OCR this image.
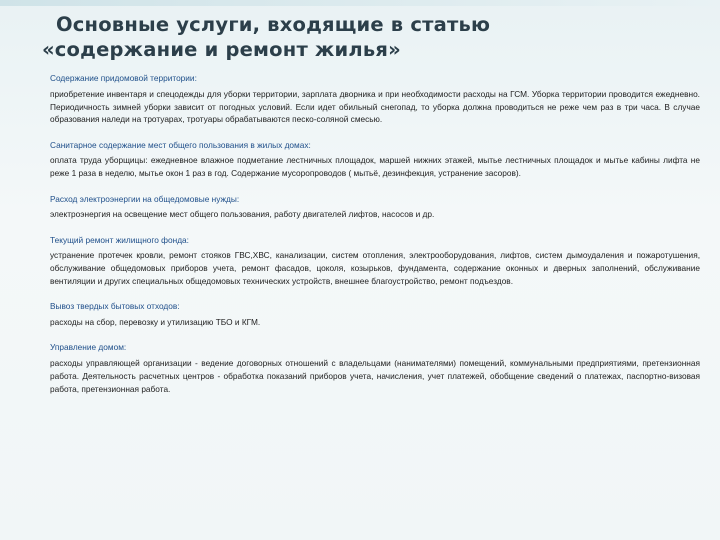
Основные услуги, входящие в статью
«содержание и ремонт жилья»

Содержание придомовой территории:

приобретение инвентаря и спецодежды для уборки территории, зарплата дворника и при необходимости расходы на ГСМ. Уборка территории проводится ежедневно. Периодичность зимней уборки зависит от погодных условий. Если идет обильный снегопад, то уборка должна проводиться не реже чем раз в три часа. В случае образования наледи на тротуарах, тротуары обрабатываются песко-соляной смесью.

Санитарное содержание мест общего пользования в жилых домах:

оплата труда уборщицы: ежедневное влажное подметание лестничных площадок, маршей нижних этажей, мытье лестничных площадок и мытье кабины лифта не реже 1 раза в неделю, мытье окон 1 раз в год. Содержание мусоропроводов ( мытьё, дезинфекция, устранение засоров).

Расход электроэнергии на общедомовые нужды:

электроэнергия на освещение мест общего пользования, работу двигателей лифтов, насосов и др.

Текущий ремонт жилищного фонда:

устранение протечек кровли, ремонт стояков ГВС,ХВС, канализации, систем отопления, электрооборудования, лифтов, систем дымоудаления и пожаротушения, обслуживание общедомовых приборов учета, ремонт фасадов, цоколя, козырьков, фундамента, содержание оконных и дверных заполнений, обслуживание вентиляции и других специальных общедомовых технических устройств, внешнее благоустройство, ремонт подъездов.

Вывоз твердых бытовых отходов:

расходы на сбор, перевозку и утилизацию ТБО и КГМ.

Управление домом:

расходы управляющей организации - ведение договорных отношений с владельцами (нанимателями) помещений, коммунальными предприятиями, претензионная работа. Деятельность расчетных центров - обработка показаний приборов учета, начисления, учет платежей, обобщение сведений о платежах, паспортно-визовая работа, претензионная работа.
